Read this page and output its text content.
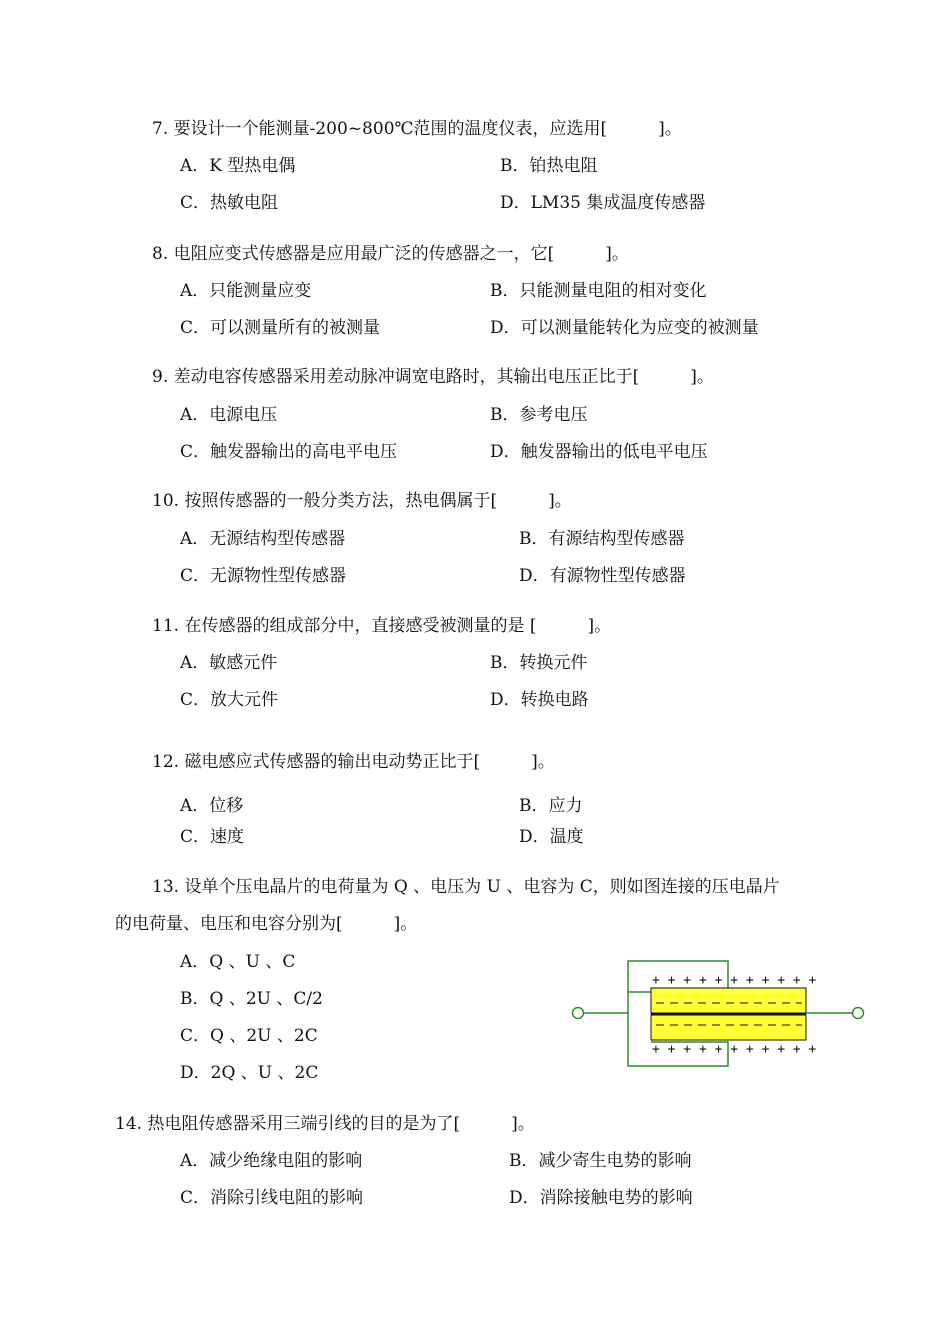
7. 要设计一个能测量-200~800℃范围的温度仪表，应选用[　　　]。
A．K 型热电偶	B．铂热电阻
C．热敏电阻	D．LM35 集成温度传感器
8. 电阻应变式传感器是应用最广泛的传感器之一，它[　　　]。
A．只能测量应变	B．只能测量电阻的相对变化
C．可以测量所有的被测量	D．可以测量能转化为应变的被测量
9. 差动电容传感器采用差动脉冲调宽电路时，其输出电压正比于[　　　]。
A．电源电压	B．参考电压
C．触发器输出的高电平电压	D．触发器输出的低电平电压
10. 按照传感器的一般分类方法，热电偶属于[　　　]。
A．无源结构型传感器	B．有源结构型传感器
C．无源物性型传感器	D．有源物性型传感器
11. 在传感器的组成部分中，直接感受被测量的是 [　　　]。
A．敏感元件	B．转换元件
C．放大元件	D．转换电路
12. 磁电感应式传感器的输出电动势正比于[　　　]。
A．位移	B．应力
C．速度	D．温度
13. 设单个压电晶片的电荷量为 Q 、电压为 U 、电容为 C，则如图连接的压电晶片
的电荷量、电压和电容分别为[　　　]。
A．Q 、U 、C
B．Q 、2U 、C/2
C．Q 、2U 、2C
D．2Q 、U 、2C
+ + + + + + + + + + +
+ + + + + + + + + + +
14. 热电阻传感器采用三端引线的目的是为了[　　　]。
A．减少绝缘电阻的影响	B．减少寄生电势的影响
C．消除引线电阻的影响	D．消除接触电势的影响
